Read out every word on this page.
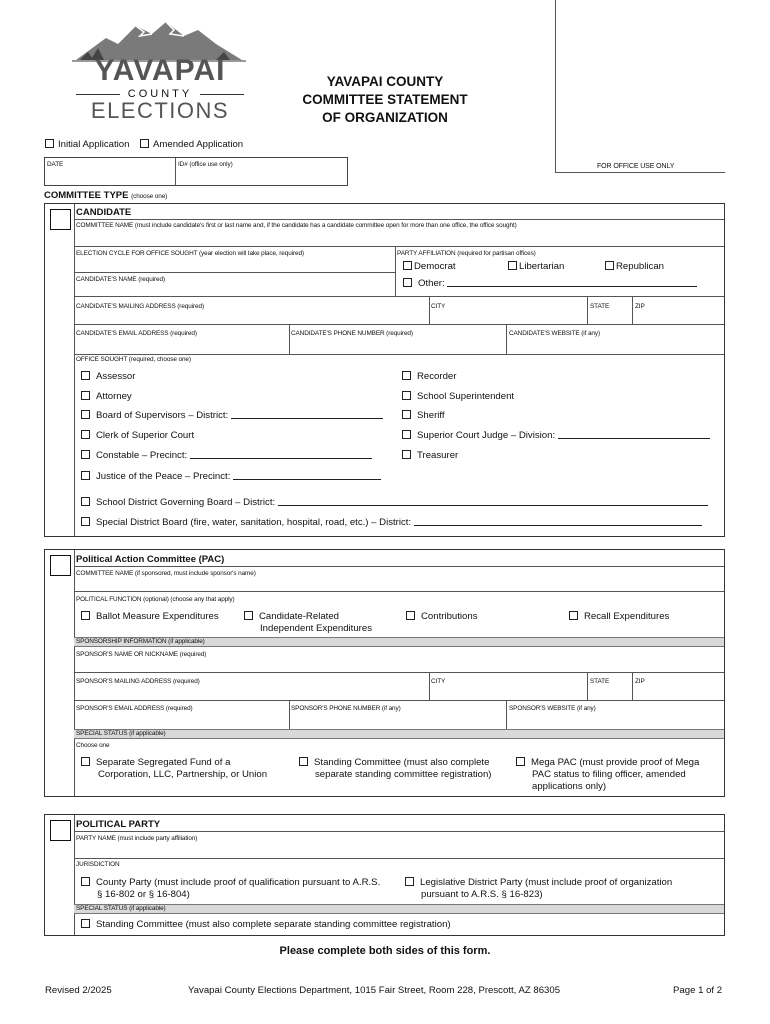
YAVAPAI
COUNTY
ELECTIONS
YAVAPAI COUNTY
COMMITTEE STATEMENT
OF ORGANIZATION
FOR OFFICE USE ONLY
Initial Application	Amended Application
DATE	ID# (office use only)
COMMITTEE TYPE (choose one)
CANDIDATE
COMMITTEE NAME (must include candidate's first or last name and, if the candidate has a candidate committee open for more than one office, the office sought)
ELECTION CYCLE FOR OFFICE SOUGHT (year election will take place, required)	PARTY AFFILIATION (required for partisan offices)
Democrat	Libertarian	Republican
CANDIDATE'S NAME (required)	Other:
CANDIDATE'S MAILING ADDRESS (required)	CITY	STATE	ZIP
CANDIDATE'S EMAIL ADDRESS (required)	CANDIDATE'S PHONE NUMBER (required)	CANDIDATE'S WEBSITE (if any)
OFFICE SOUGHT (required, choose one)
Assessor
Attorney
Board of Supervisors – District:
Clerk of Superior Court
Constable – Precinct:
Justice of the Peace – Precinct:
Recorder
School Superintendent
Sheriff
Superior Court Judge – Division:
Treasurer
School District Governing Board – District:
Special District Board (fire, water, sanitation, hospital, road, etc.) – District:
Political Action Committee (PAC)
COMMITTEE NAME (if sponsored, must include sponsor's name)
POLITICAL FUNCTION (optional) (choose any that apply)
Ballot Measure Expenditures	Candidate-Related
Independent Expenditures
Contributions	Recall Expenditures
SPONSORSHIP INFORMATION (if applicable)
SPONSOR'S NAME OR NICKNAME (required)
SPONSOR'S MAILING ADDRESS (required)	CITY	STATE	ZIP
SPONSOR'S EMAIL ADDRESS (required)	SPONSOR'S PHONE NUMBER (if any)	SPONSOR'S WEBSITE (if any)
SPECIAL STATUS (if applicable)
Choose one
Separate Segregated Fund of a
Corporation, LLC, Partnership, or Union
Standing Committee (must also complete
separate standing committee registration)
Mega PAC (must provide proof of Mega
PAC status to filing officer, amended
applications only)
POLITICAL PARTY
PARTY NAME (must include party affiliation)
JURISDICTION
County Party (must include proof of qualification pursuant to A.R.S.
§ 16-802 or § 16-804)
Legislative District Party (must include proof of organization
pursuant to A.R.S. § 16-823)
SPECIAL STATUS (if applicable)
Standing Committee (must also complete separate standing committee registration)
Please complete both sides of this form.
Revised 2/2025	Yavapai County Elections Department, 1015 Fair Street, Room 228, Prescott, AZ 86305	Page 1 of 2
